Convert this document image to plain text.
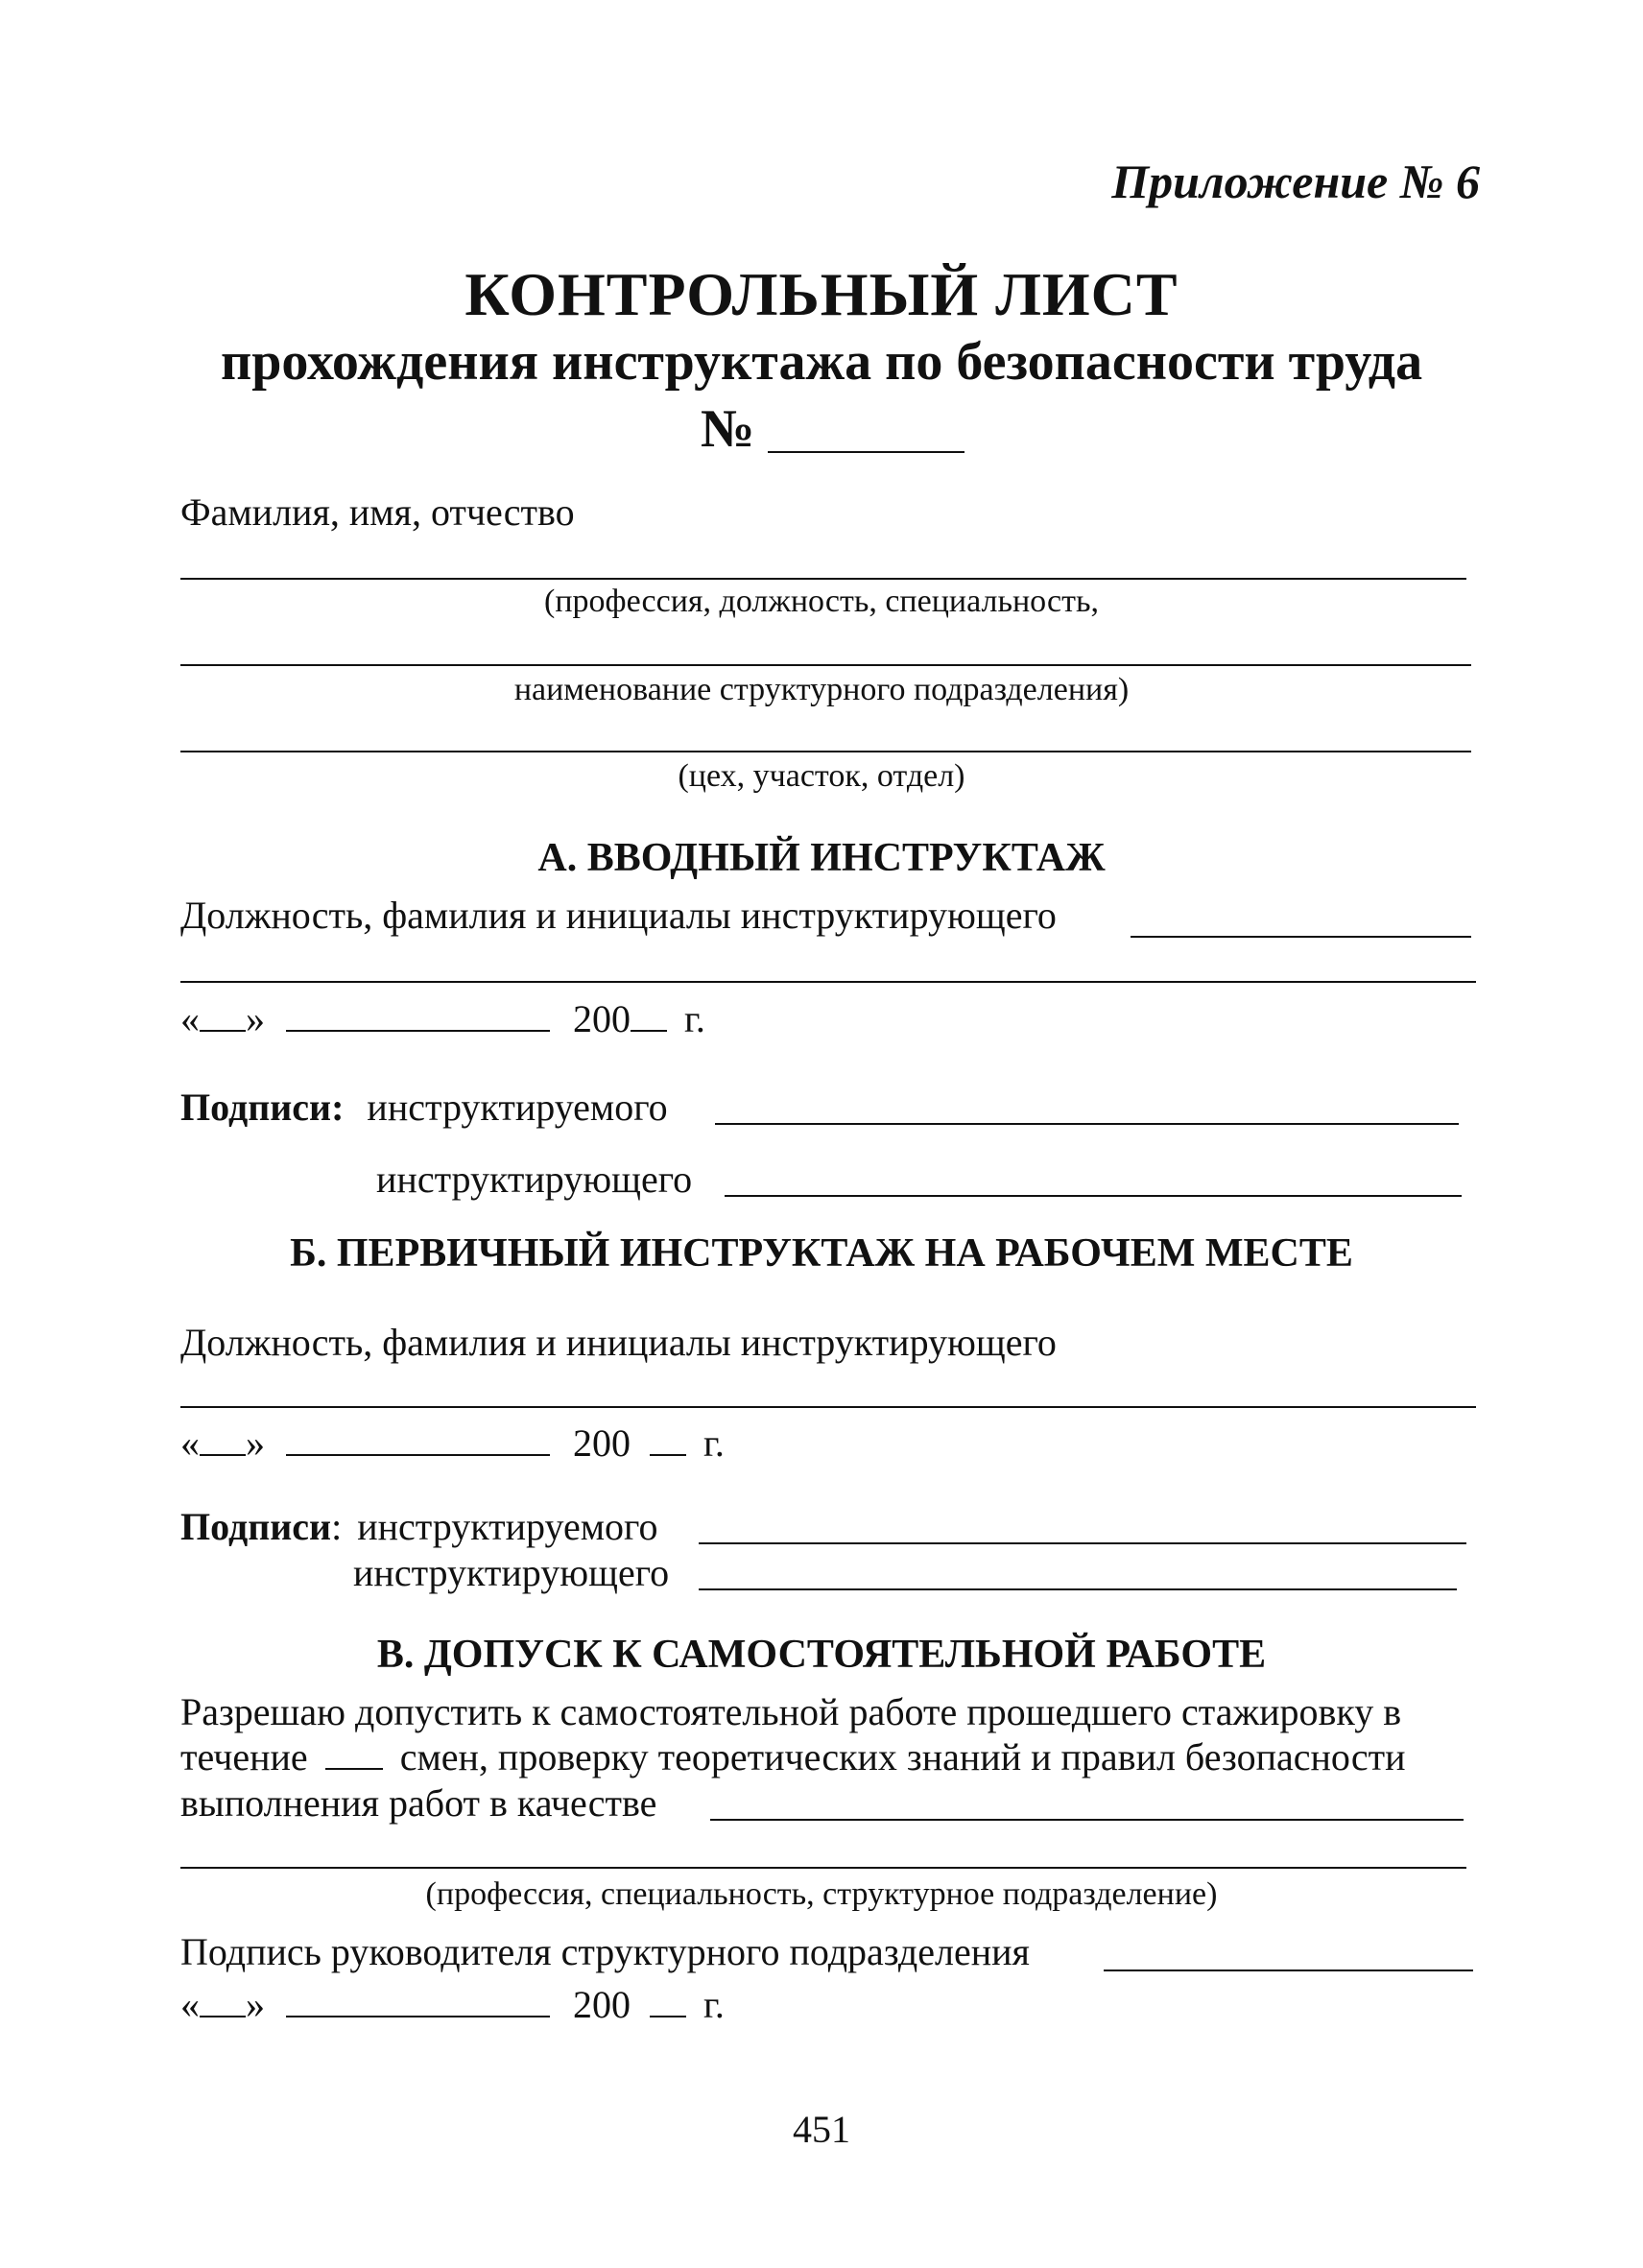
Приложение № 6
КОНТРОЛЬНЫЙ ЛИСТ
прохождения инструктажа по безопасности труда
№
Фамилия, имя, отчество
(профессия, должность, специальность,
наименование структурного подразделения)
(цех, участок, отдел)
А. ВВОДНЫЙ ИНСТРУКТАЖ
Должность, фамилия и инициалы инструктирующего
« »	200 г.
Подписи: инструктируемого
инструктирующего
Б. ПЕРВИЧНЫЙ ИНСТРУКТАЖ НА РАБОЧЕМ МЕСТЕ
Должность, фамилия и инициалы инструктирующего
« »	200 г.
Подписи: инструктируемого
инструктирующего
В. ДОПУСК К САМОСТОЯТЕЛЬНОЙ РАБОТЕ
Разрешаю допустить к самостоятельной работе прошедшего стажировку в
течение смен, проверку теоретических знаний и правил безопасности
выполнения работ в качестве
(профессия, специальность, структурное подразделение)
Подпись руководителя структурного подразделения
« »	200 г.
451
